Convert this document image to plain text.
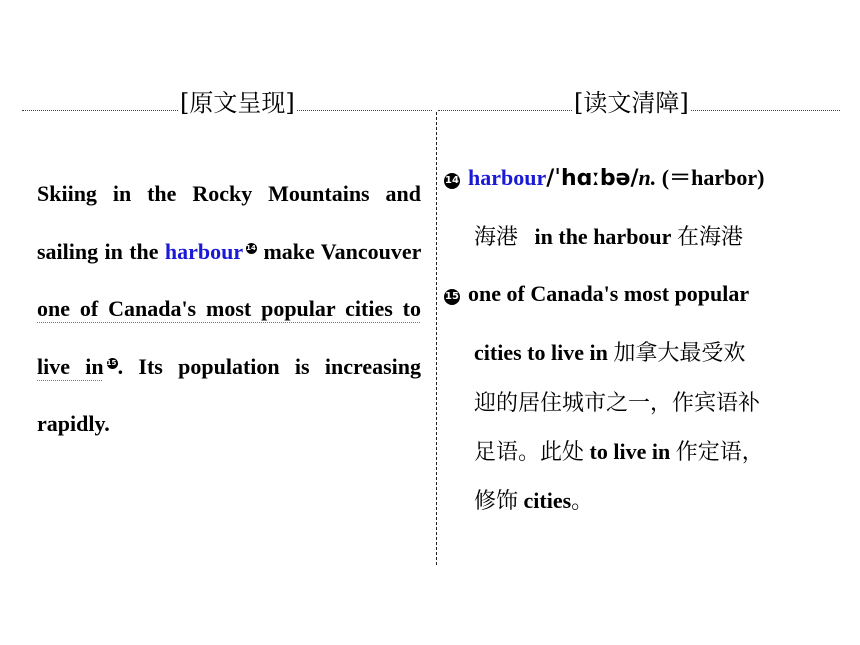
[原文呈现]	[读文清障]
Skiing in the Rocky Mountains and sailing in the harbour 14 make Vancouver one of Canada's most popular cities to live in 15. Its population is increasing rapidly.
14 harbour/ˈhɑːbə/n. (＝harbor)
海港 in the harbour 在海港
15 one of Canada's most popular
cities to live in 加拿大最受欢
迎的居住城市之一，作宾语补
足语。此处 to live in 作定语，
修饰 cities。
